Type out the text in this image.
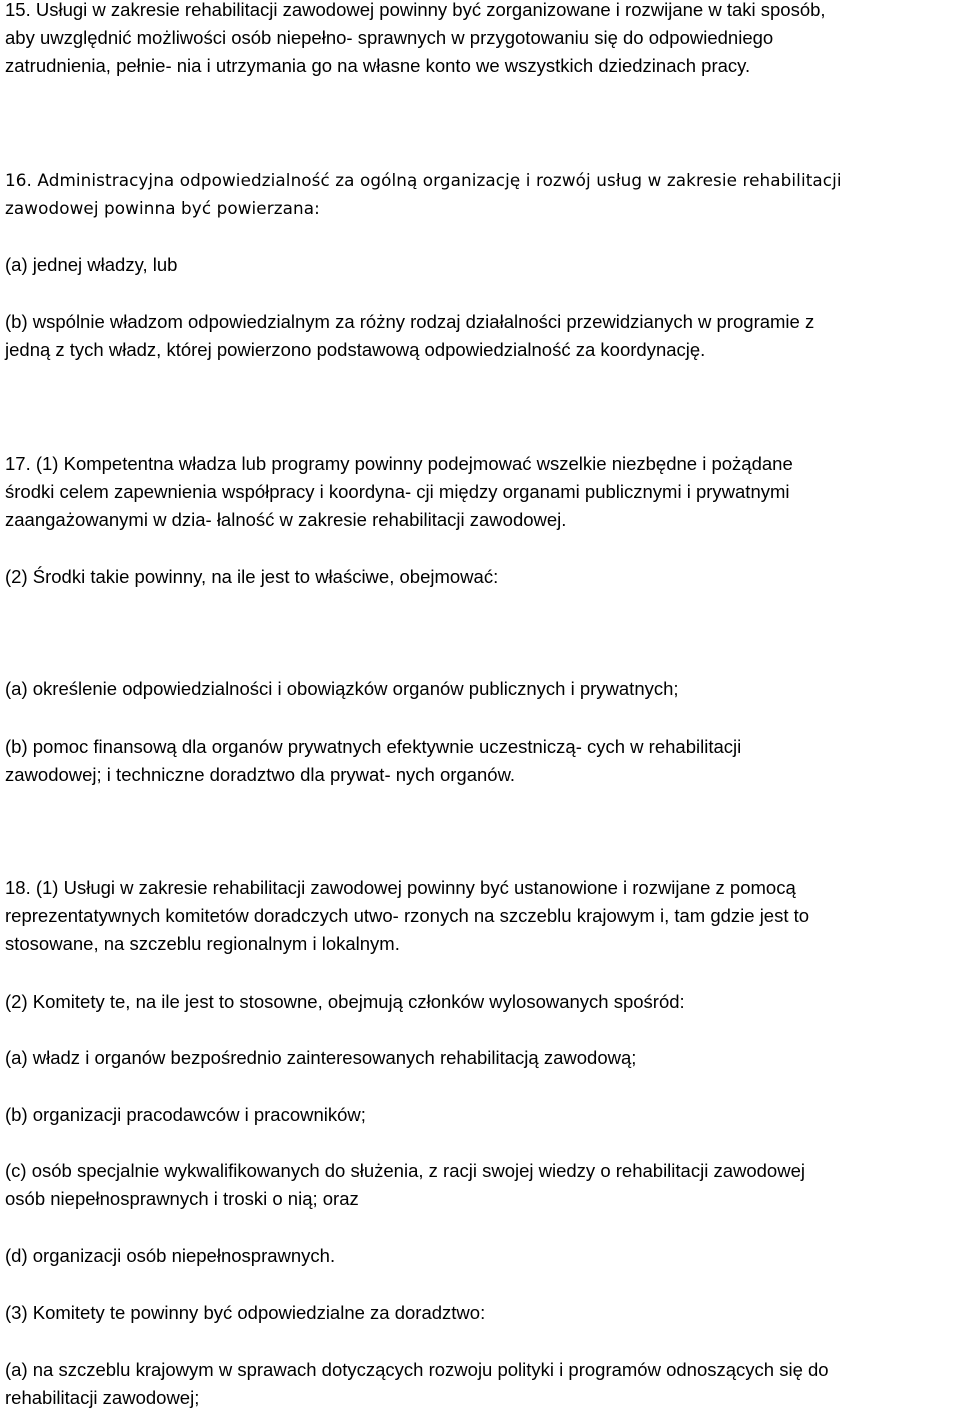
15. Usługi w zakresie rehabilitacji zawodowej powinny być zorganizowane i rozwijane w taki sposób,
aby uwzględnić możliwości osób niepełno- sprawnych w przygotowaniu się do odpowiedniego
zatrudnienia, pełnie- nia i utrzymania go na własne konto we wszystkich dziedzinach pracy.

16. Administracyjna odpowiedzialność za ogólną organizację i rozwój usług w zakresie rehabilitacji
zawodowej powinna być powierzana:

(a) jednej władzy, lub

(b) wspólnie władzom odpowiedzialnym za różny rodzaj działalności przewidzianych w programie z
jedną z tych władz, której powierzono podstawową odpowiedzialność za koordynację.

17. (1) Kompetentna władza lub programy powinny podejmować wszelkie niezbędne i pożądane
środki celem zapewnienia współpracy i koordyna- cji między organami publicznymi i prywatnymi
zaangażowanymi w dzia- łalność w zakresie rehabilitacji zawodowej.

(2) Środki takie powinny, na ile jest to właściwe, obejmować:

(a) określenie odpowiedzialności i obowiązków organów publicznych i prywatnych;

(b) pomoc finansową dla organów prywatnych efektywnie uczestniczą- cych w rehabilitacji
zawodowej; i techniczne doradztwo dla prywat- nych organów.

18. (1) Usługi w zakresie rehabilitacji zawodowej powinny być ustanowione i rozwijane z pomocą
reprezentatywnych komitetów doradczych utwo- rzonych na szczeblu krajowym i, tam gdzie jest to
stosowane, na szczeblu regionalnym i lokalnym.

(2) Komitety te, na ile jest to stosowne, obejmują członków wylosowanych spośród:

(a) władz i organów bezpośrednio zainteresowanych rehabilitacją zawodową;

(b) organizacji pracodawców i pracowników;

(c) osób specjalnie wykwalifikowanych do służenia, z racji swojej wiedzy o rehabilitacji zawodowej
osób niepełnosprawnych i troski o nią; oraz

(d) organizacji osób niepełnosprawnych.

(3) Komitety te powinny być odpowiedzialne za doradztwo:

(a) na szczeblu krajowym w sprawach dotyczących rozwoju polityki i programów odnoszących się do
rehabilitacji zawodowej;
